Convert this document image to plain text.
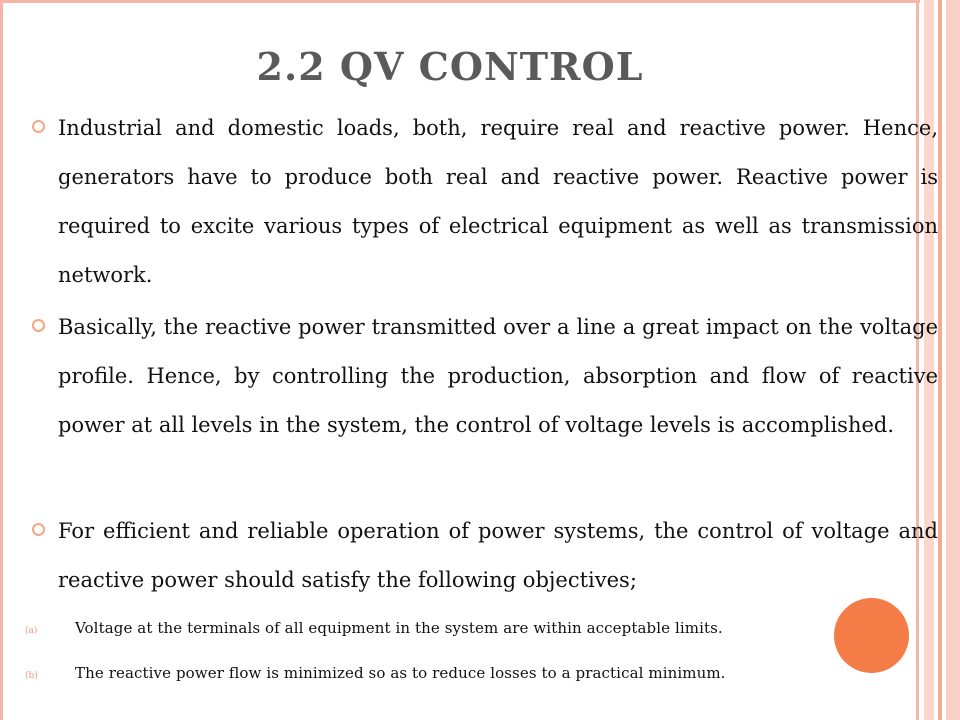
2.2 QV CONTROL
Industrial and domestic loads, both, require real and reactive power. Hence, generators have to produce both real and reactive power. Reactive power is required to excite various types of electrical equipment as well as transmission network.
Basically, the reactive power transmitted over a line a great impact on the voltage profile. Hence, by controlling the production, absorption and flow of reactive power at all levels in the system, the control of voltage levels is accomplished.
For efficient and reliable operation of power systems, the control of voltage and reactive power should satisfy the following objectives;
(a)	Voltage at the terminals of all equipment in the system are within acceptable limits.
(b) The reactive power flow is minimized so as to reduce losses to a practical minimum.
